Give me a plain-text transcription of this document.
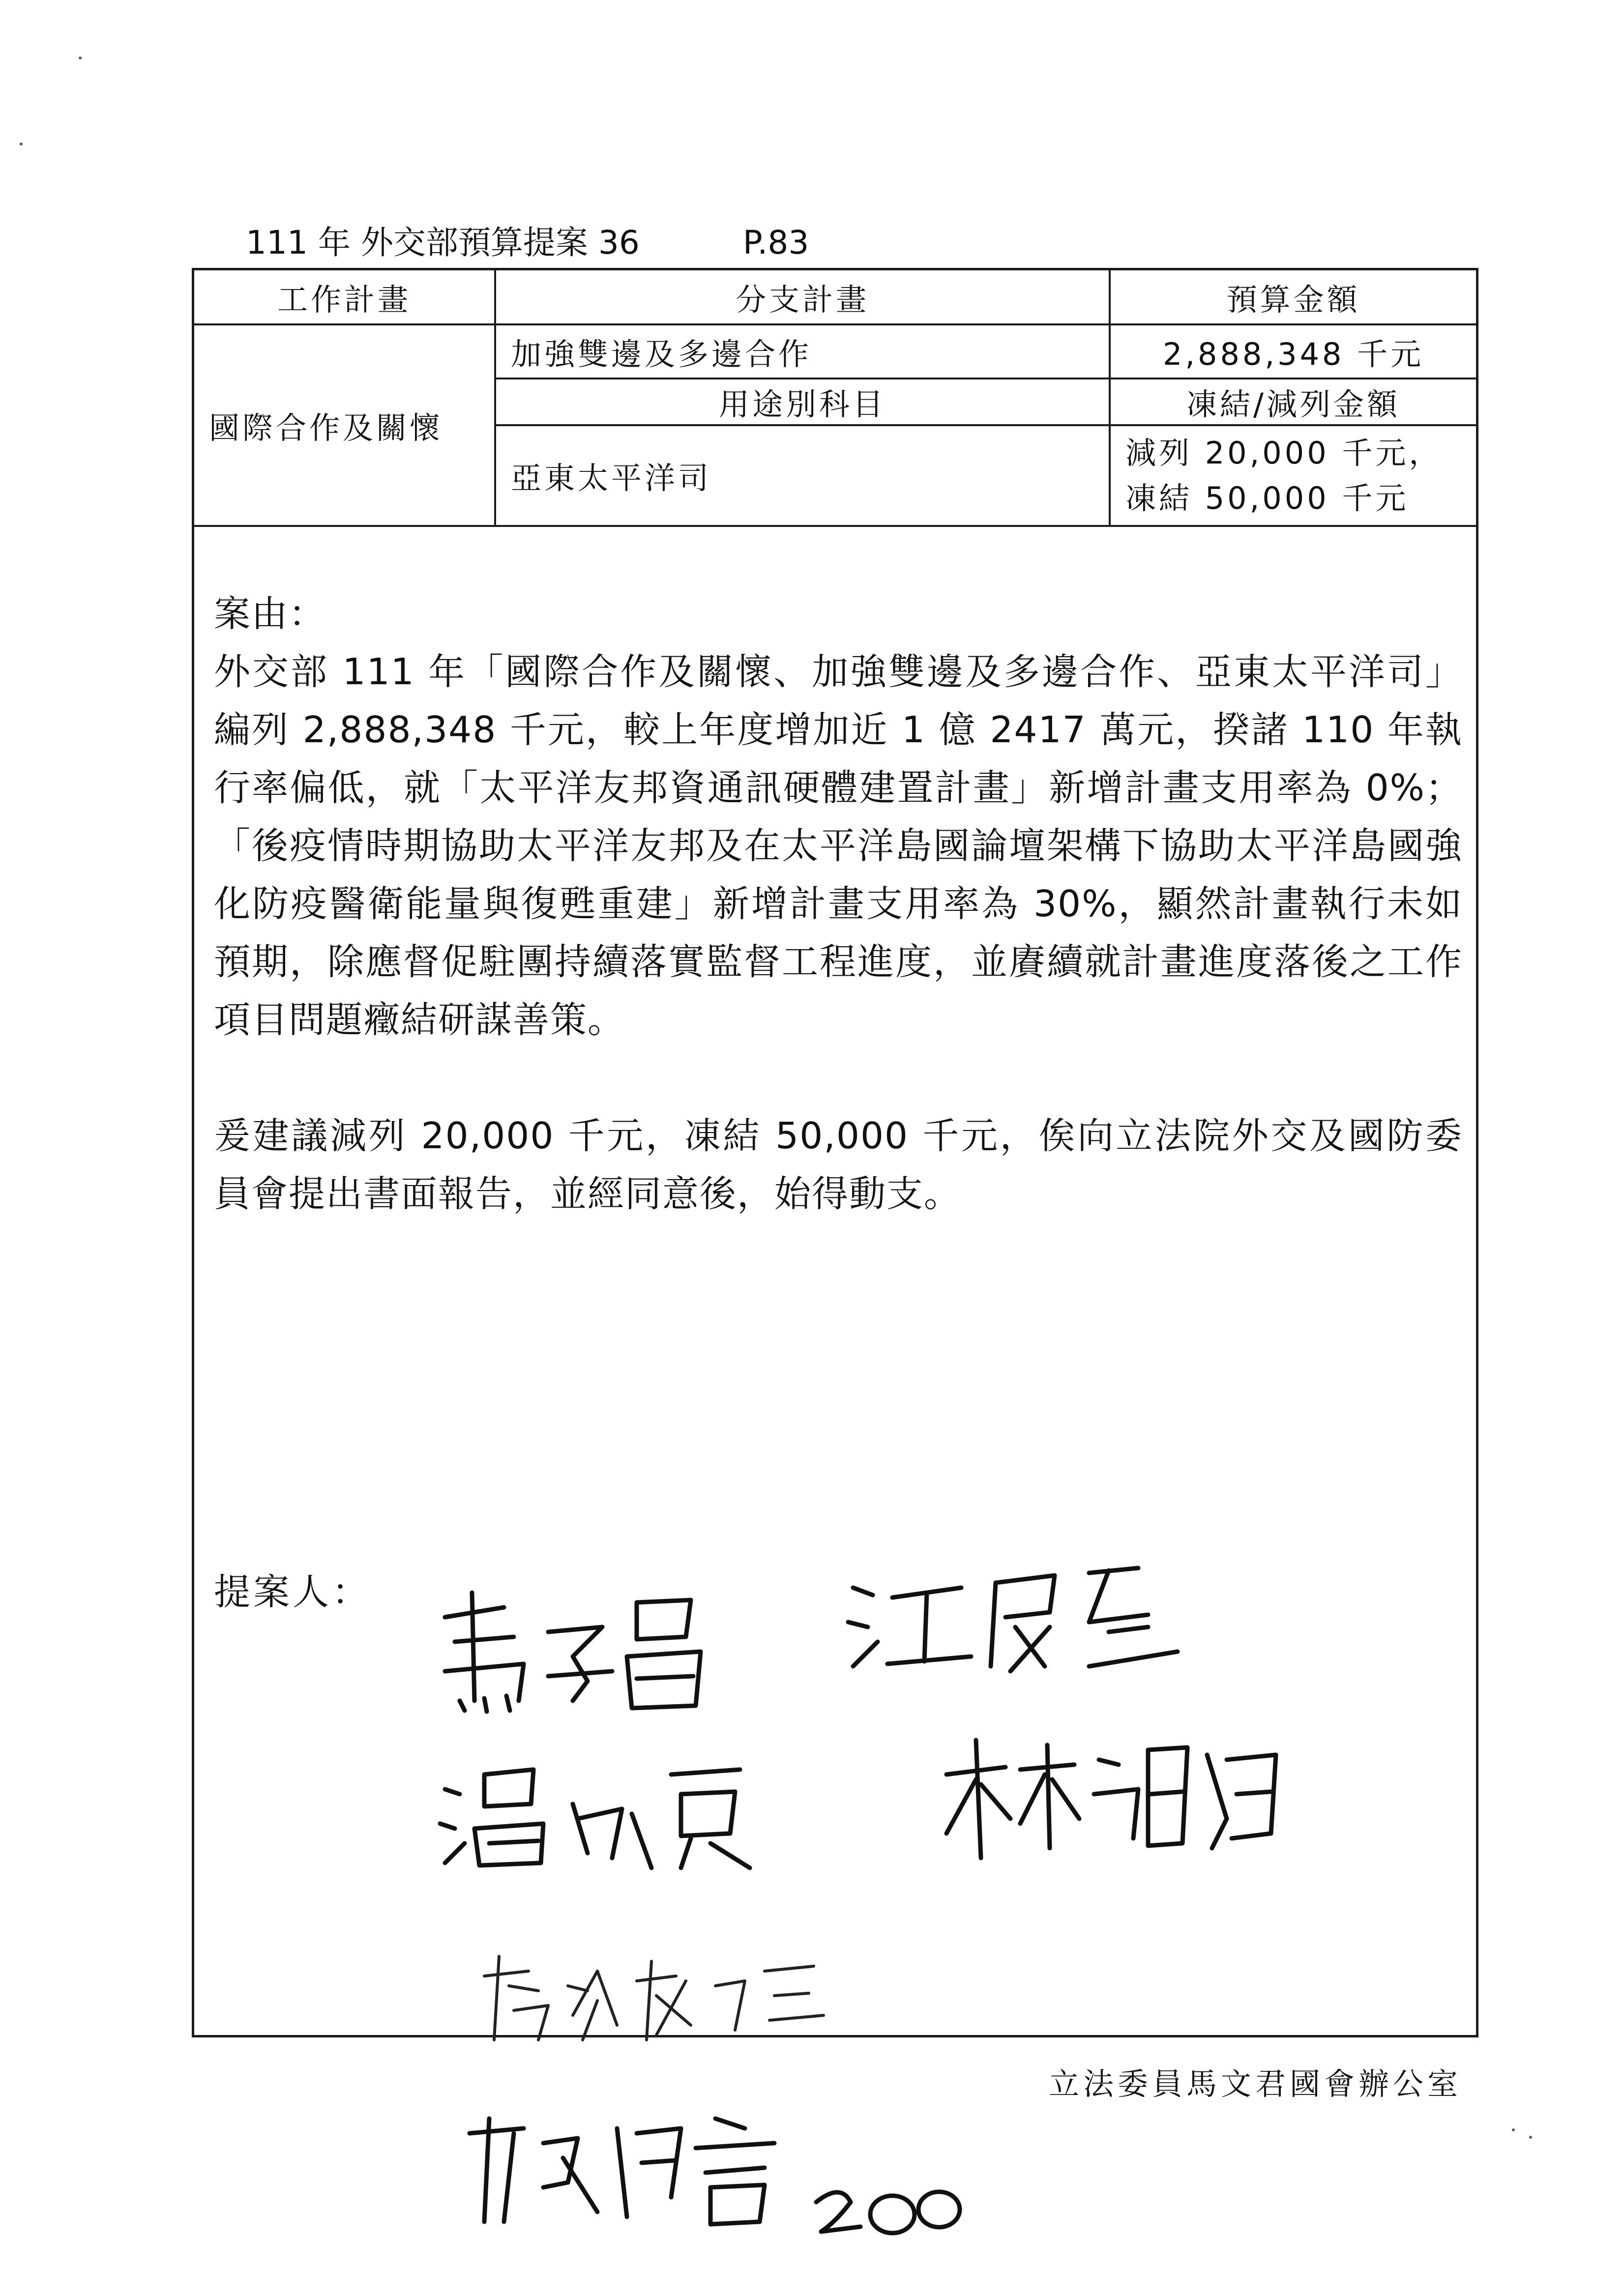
111 年 外交部預算提案 36	P.83
工作計畫	分支計畫	預算金額
國際合作及關懷	加強雙邊及多邊合作	2,888,348 千元
	用途別科目	凍結/減列金額
	亞東太平洋司	減列 20,000 千元，
凍結 50,000 千元

案由：

外交部 111 年「國際合作及關懷、加強雙邊及多邊合作、亞東太平洋司」編列 2,888,348 千元，較上年度增加近 1 億 2417 萬元，揆諸 110 年執行率偏低，就「太平洋友邦資通訊硬體建置計畫」新增計畫支用率為 0%；「後疫情時期協助太平洋友邦及在太平洋島國論壇架構下協助太平洋島國強化防疫醫衛能量與復甦重建」新增計畫支用率為 30%，顯然計畫執行未如預期，除應督促駐團持續落實監督工程進度，並賡續就計畫進度落後之工作項目問題癥結研謀善策。

爰建議減列 20,000 千元，凍結 50,000 千元，俟向立法院外交及國防委員會提出書面報告，並經同意後，始得動支。

提案人：
立法委員馬文君國會辦公室
